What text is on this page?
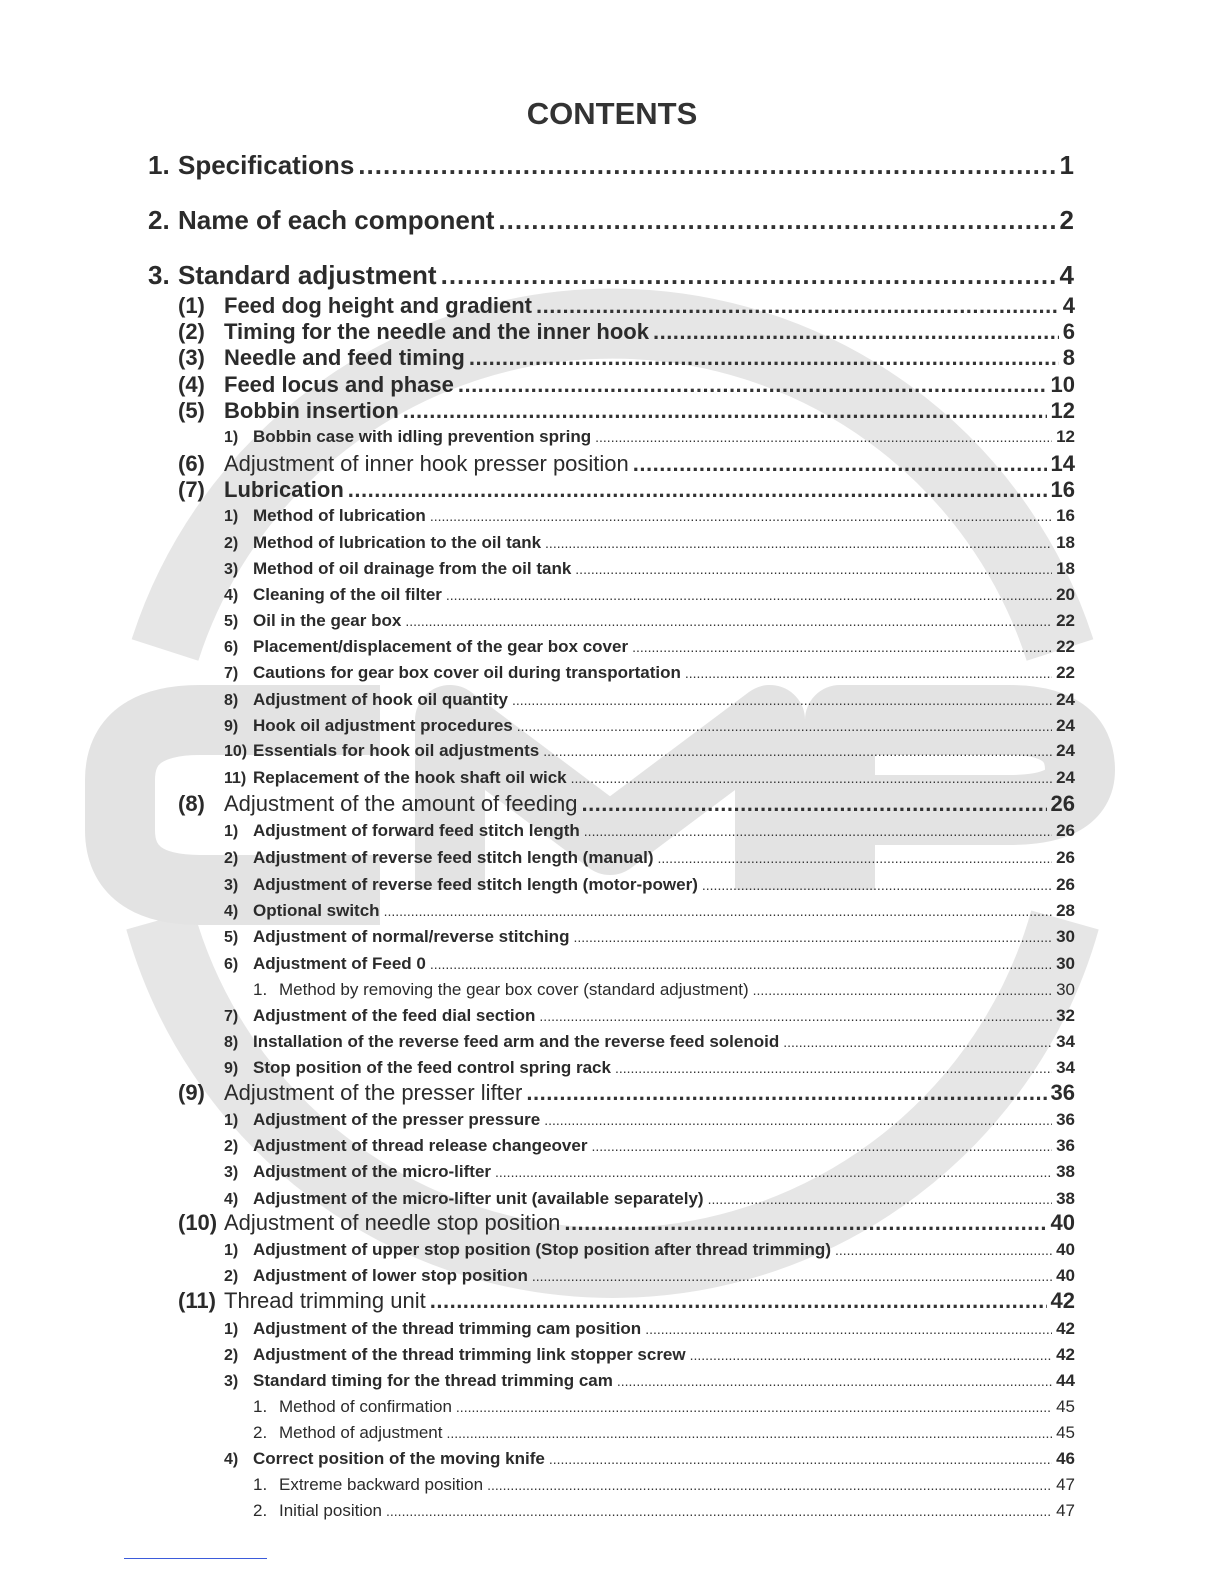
CONTENTS
1. Specifications .....	1
2. Name of each component .....	2
3. Standard adjustment .....	4
(1) Feed dog height and gradient .....	4
(2) Timing for the needle and the inner hook .....	6
(3) Needle and feed timing .....	8
(4) Feed locus and phase .....	10
(5) Bobbin insertion .....	12
1) Bobbin case with idling prevention spring .....	12
(6) Adjustment of inner hook presser position .....	14
(7) Lubrication .....	16
1) Method of lubrication .....	16
2) Method of lubrication to the oil tank .....	18
3) Method of oil drainage from the oil tank .....	18
4) Cleaning of the oil filter .....	20
5) Oil in the gear box .....	22
6) Placement/displacement of the gear box cover .....	22
7) Cautions for gear box cover oil during transportation .....	22
8) Adjustment of hook oil quantity .....	24
9) Hook oil adjustment procedures .....	24
10) Essentials for hook oil adjustments .....	24
11) Replacement of the hook shaft oil wick .....	24
(8) Adjustment of the amount of feeding .....	26
1) Adjustment of forward feed stitch length .....	26
2) Adjustment of reverse feed stitch length (manual) .....	26
3) Adjustment of reverse feed stitch length (motor-power) .....	26
4) Optional switch .....	28
5) Adjustment of normal/reverse stitching .....	30
6) Adjustment of Feed 0 .....	30
1. Method by removing the gear box cover (standard adjustment) .....	30
7) Adjustment of the feed dial section .....	32
8) Installation of the reverse feed arm and the reverse feed solenoid .....	34
9) Stop position of the feed control spring rack .....	34
(9) Adjustment of the presser lifter .....	36
1) Adjustment of the presser pressure .....	36
2) Adjustment of thread release changeover .....	36
3) Adjustment of the micro-lifter .....	38
4) Adjustment of the micro-lifter unit (available separately) .....	38
(10) Adjustment of needle stop position .....	40
1) Adjustment of upper stop position (Stop position after thread trimming) .....	40
2) Adjustment of lower stop position .....	40
(11) Thread trimming unit .....	42
1) Adjustment of the thread trimming cam position .....	42
2) Adjustment of the thread trimming link stopper screw .....	42
3) Standard timing for the thread trimming cam .....	44
1. Method of confirmation .....	45
2. Method of adjustment .....	45
4) Correct position of the moving knife .....	46
1. Extreme backward position .....	47
2. Initial position .....	47
